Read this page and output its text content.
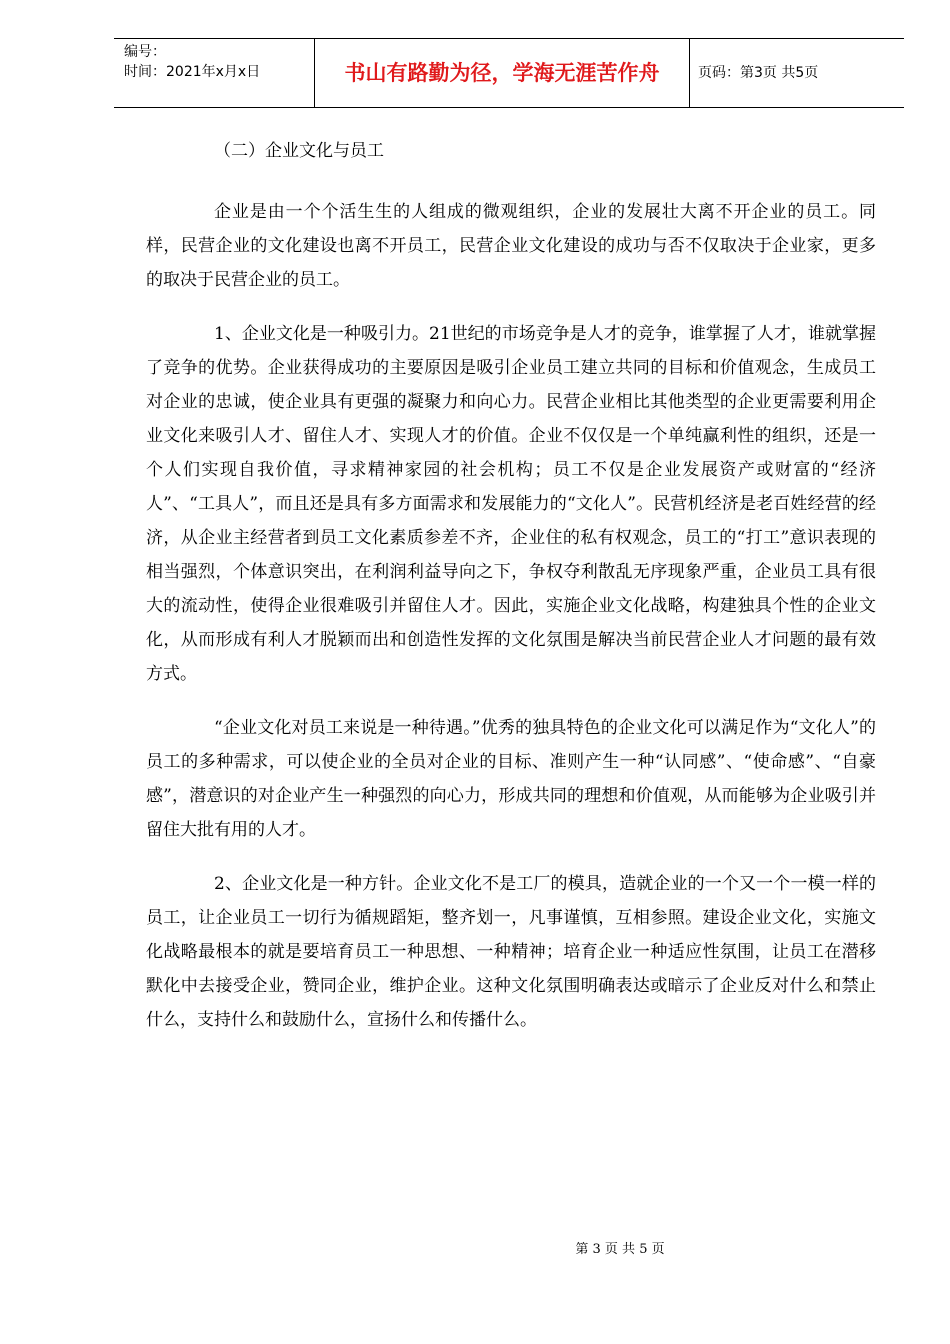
编号：
时间：2021年x月x日	书山有路勤为径，学海无涯苦作舟	页码：第3页 共5页
（二）企业文化与员工

企业是由一个个活生生的人组成的微观组织，企业的发展壮大离不开企业的员工。同样，民营企业的文化建设也离不开员工，民营企业文化建设的成功与否不仅取决于企业家，更多的取决于民营企业的员工。

1、企业文化是一种吸引力。21世纪的市场竞争是人才的竞争，谁掌握了人才，谁就掌握了竞争的优势。企业获得成功的主要原因是吸引企业员工建立共同的目标和价值观念，生成员工对企业的忠诚，使企业具有更强的凝聚力和向心力。民营企业相比其他类型的企业更需要利用企业文化来吸引人才、留住人才、实现人才的价值。企业不仅仅是一个单纯赢利性的组织，还是一个人们实现自我价值，寻求精神家园的社会机构；员工不仅是企业发展资产或财富的“经济人”、“工具人”，而且还是具有多方面需求和发展能力的“文化人”。民营机经济是老百姓经营的经济，从企业主经营者到员工文化素质参差不齐，企业住的私有权观念，员工的“打工”意识表现的相当强烈，个体意识突出，在利润利益导向之下，争权夺利散乱无序现象严重，企业员工具有很大的流动性，使得企业很难吸引并留住人才。因此，实施企业文化战略，构建独具个性的企业文化，从而形成有利人才脱颖而出和创造性发挥的文化氛围是解决当前民营企业人才问题的最有效方式。

“企业文化对员工来说是一种待遇。”优秀的独具特色的企业文化可以满足作为“文化人”的员工的多种需求，可以使企业的全员对企业的目标、准则产生一种“认同感”、“使命感”、“自豪感”，潜意识的对企业产生一种强烈的向心力，形成共同的理想和价值观，从而能够为企业吸引并留住大批有用的人才。

2、企业文化是一种方针。企业文化不是工厂的模具，造就企业的一个又一个一模一样的员工，让企业员工一切行为循规蹈矩，整齐划一，凡事谨慎，互相参照。建设企业文化，实施文化战略最根本的就是要培育员工一种思想、一种精神；培育企业一种适应性氛围，让员工在潜移默化中去接受企业，赞同企业，维护企业。这种文化氛围明确表达或暗示了企业反对什么和禁止什么，支持什么和鼓励什么，宣扬什么和传播什么。

第 3 页 共 5 页
